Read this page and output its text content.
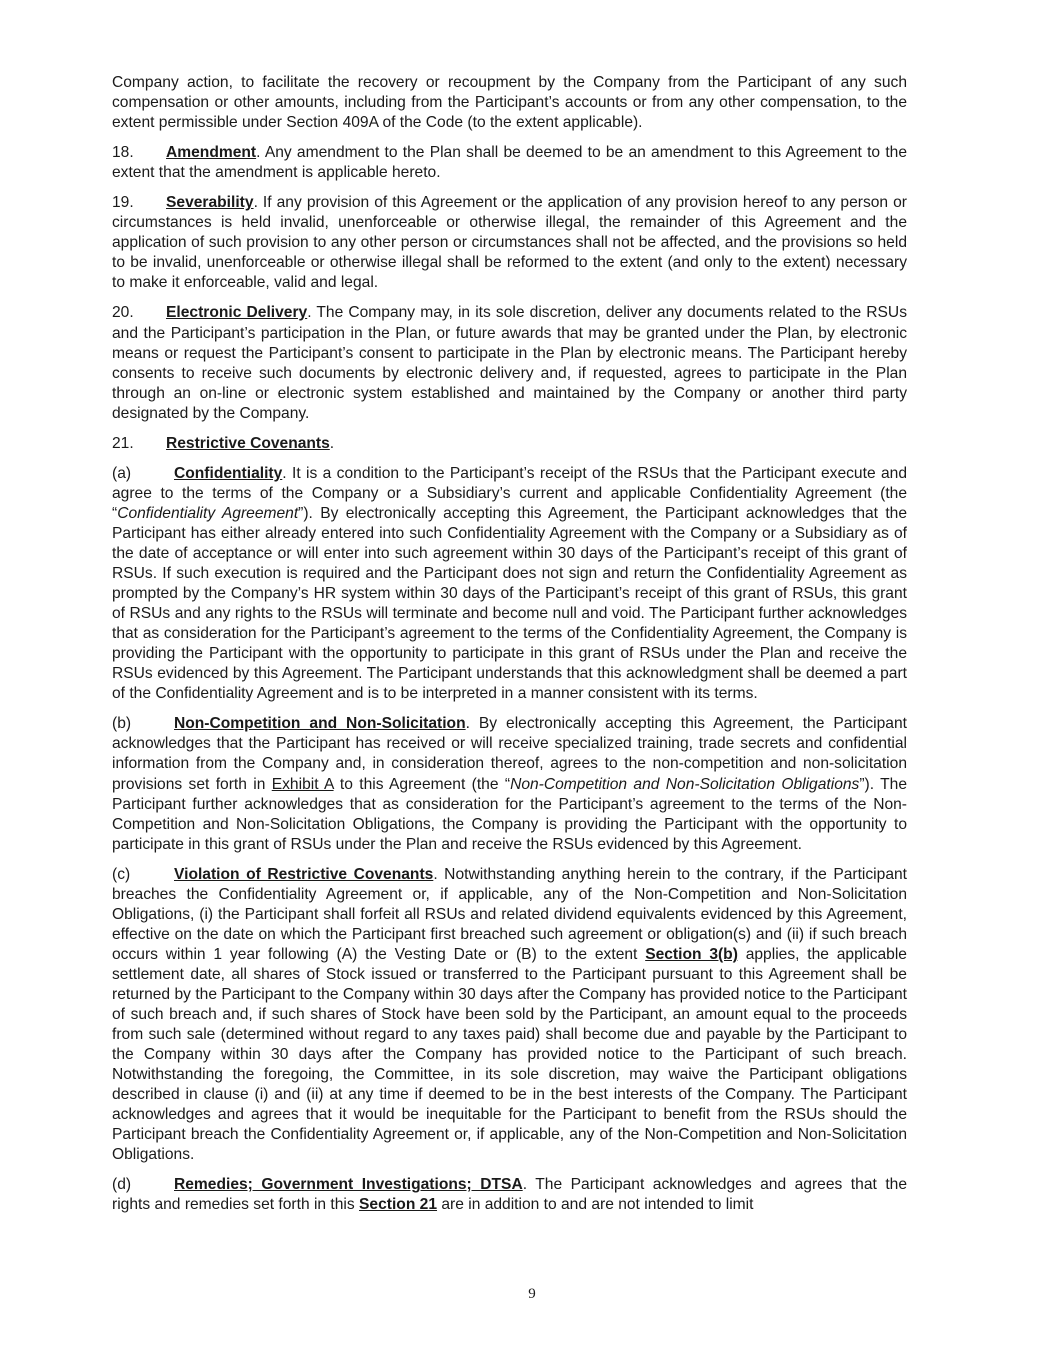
Company action, to facilitate the recovery or recoupment by the Company from the Participant of any such compensation or other amounts, including from the Participant’s accounts or from any other compensation, to the extent permissible under Section 409A of the Code (to the extent applicable).

18. Amendment. Any amendment to the Plan shall be deemed to be an amendment to this Agreement to the extent that the amendment is applicable hereto.

19. Severability. If any provision of this Agreement or the application of any provision hereof to any person or circumstances is held invalid, unenforceable or otherwise illegal, the remainder of this Agreement and the application of such provision to any other person or circumstances shall not be affected, and the provisions so held to be invalid, unenforceable or otherwise illegal shall be reformed to the extent (and only to the extent) necessary to make it enforceable, valid and legal.

20. Electronic Delivery. The Company may, in its sole discretion, deliver any documents related to the RSUs and the Participant’s participation in the Plan, or future awards that may be granted under the Plan, by electronic means or request the Participant’s consent to participate in the Plan by electronic means. The Participant hereby consents to receive such documents by electronic delivery and, if requested, agrees to participate in the Plan through an on-line or electronic system established and maintained by the Company or another third party designated by the Company.

21. Restrictive Covenants.

(a)	Confidentiality. It is a condition to the Participant’s receipt of the RSUs that the Participant execute and agree to the terms of the Company or a Subsidiary’s current and applicable Confidentiality Agreement (the “Confidentiality Agreement”). By electronically accepting this Agreement, the Participant acknowledges that the Participant has either already entered into such Confidentiality Agreement with the Company or a Subsidiary as of the date of acceptance or will enter into such agreement within 30 days of the Participant’s receipt of this grant of RSUs. If such execution is required and the Participant does not sign and return the Confidentiality Agreement as prompted by the Company’s HR system within 30 days of the Participant’s receipt of this grant of RSUs, this grant of RSUs and any rights to the RSUs will terminate and become null and void. The Participant further acknowledges that as consideration for the Participant’s agreement to the terms of the Confidentiality Agreement, the Company is providing the Participant with the opportunity to participate in this grant of RSUs under the Plan and receive the RSUs evidenced by this Agreement. The Participant understands that this acknowledgment shall be deemed a part of the Confidentiality Agreement and is to be interpreted in a manner consistent with its terms.

(b)	Non-Competition and Non-Solicitation. By electronically accepting this Agreement, the Participant acknowledges that the Participant has received or will receive specialized training, trade secrets and confidential information from the Company and, in consideration thereof, agrees to the non-competition and non-solicitation provisions set forth in Exhibit A to this Agreement (the “Non-Competition and Non-Solicitation Obligations”). The Participant further acknowledges that as consideration for the Participant’s agreement to the terms of the Non-Competition and Non-Solicitation Obligations, the Company is providing the Participant with the opportunity to participate in this grant of RSUs under the Plan and receive the RSUs evidenced by this Agreement.

(c)	Violation of Restrictive Covenants. Notwithstanding anything herein to the contrary, if the Participant breaches the Confidentiality Agreement or, if applicable, any of the Non-Competition and Non-Solicitation Obligations, (i) the Participant shall forfeit all RSUs and related dividend equivalents evidenced by this Agreement, effective on the date on which the Participant first breached such agreement or obligation(s) and (ii) if such breach occurs within 1 year following (A) the Vesting Date or (B) to the extent Section 3(b) applies, the applicable settlement date, all shares of Stock issued or transferred to the Participant pursuant to this Agreement shall be returned by the Participant to the Company within 30 days after the Company has provided notice to the Participant of such breach and, if such shares of Stock have been sold by the Participant, an amount equal to the proceeds from such sale (determined without regard to any taxes paid) shall become due and payable by the Participant to the Company within 30 days after the Company has provided notice to the Participant of such breach. Notwithstanding the foregoing, the Committee, in its sole discretion, may waive the Participant obligations described in clause (i) and (ii) at any time if deemed to be in the best interests of the Company. The Participant acknowledges and agrees that it would be inequitable for the Participant to benefit from the RSUs should the Participant breach the Confidentiality Agreement or, if applicable, any of the Non-Competition and Non-Solicitation Obligations.

(d)	Remedies; Government Investigations; DTSA. The Participant acknowledges and agrees that the rights and remedies set forth in this Section 21 are in addition to and are not intended to limit

9
